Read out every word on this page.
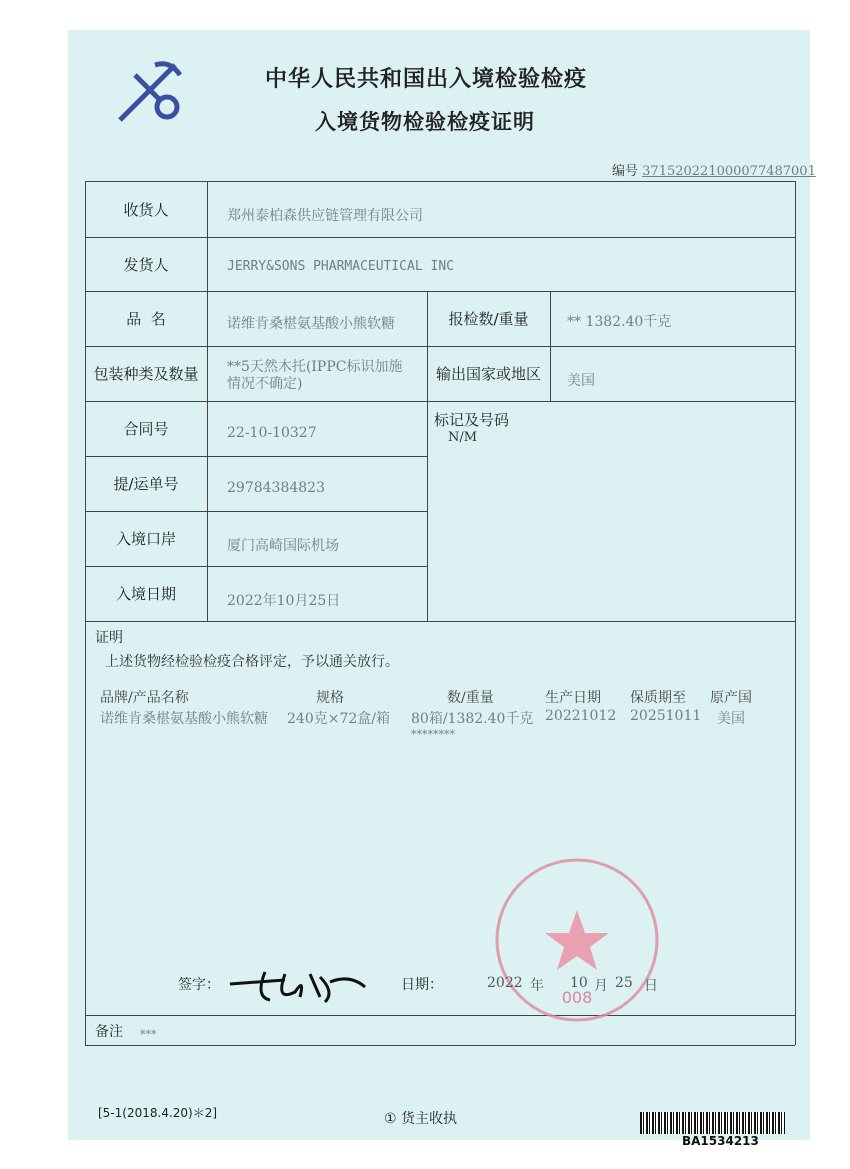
中华人民共和国出入境检验检疫
入境货物检验检疫证明
编号 371520221000077487001
收货人	郑州泰柏森供应链管理有限公司
发货人	JERRY&SONS PHARMACEUTICAL INC
品  名	诺维肯桑椹氨基酸小熊软糖	报检数/重量	** 1382.40千克
包装种类及数量 **5天然木托(IPPC标识加施
情况不确定)
输出国家或地区 美国
合同号	22-10-10327
标记及号码
N/M
提/运单号	29784384823
入境口岸	厦门高崎国际机场
入境日期	2022年10月25日
证明
上述货物经检验检疫合格评定，予以通关放行。
品牌/产品名称	规格	数/重量	生产日期 保质期至 原产国
诺维肯桑椹氨基酸小熊软糖 240克×72盒/箱 80箱/1382.40千克 20221012 20251011 美国
********
008
签字：	日期：	2022 年 10 月 25 日
备注 ***
[5-1(2018.4.20)＊2]	① 货主收执
BA1534213
